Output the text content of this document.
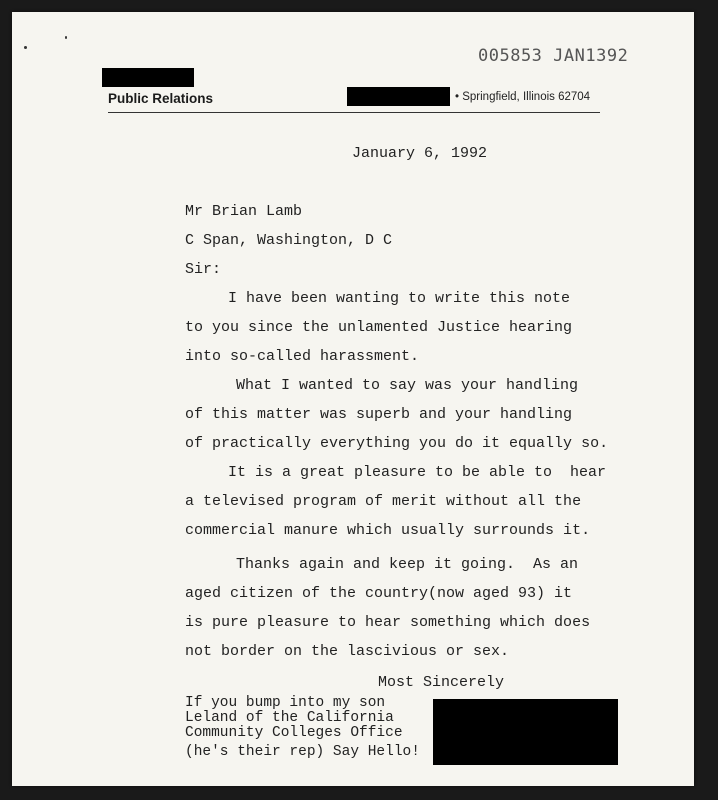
005853 JAN1392
Public Relations	• Springfield, Illinois 62704
January 6, 1992
Mr Brian Lamb
C Span, Washington, D C
Sir:
I have been wanting to write this note
to you since the unlamented Justice hearing
into so-called harassment.
What I wanted to say was your handling
of this matter was superb and your handling
of practically everything you do it equally so.
It is a great pleasure to be able to  hear
a televised program of merit without all the
commercial manure which usually surrounds it.
Thanks again and keep it going.  As an
aged citizen of the country(now aged 93) it
is pure pleasure to hear something which does
not border on the lascivious or sex.
Most Sincerely
If you bump into my son
Leland of the California
Community Colleges Office
(he's their rep) Say Hello!
